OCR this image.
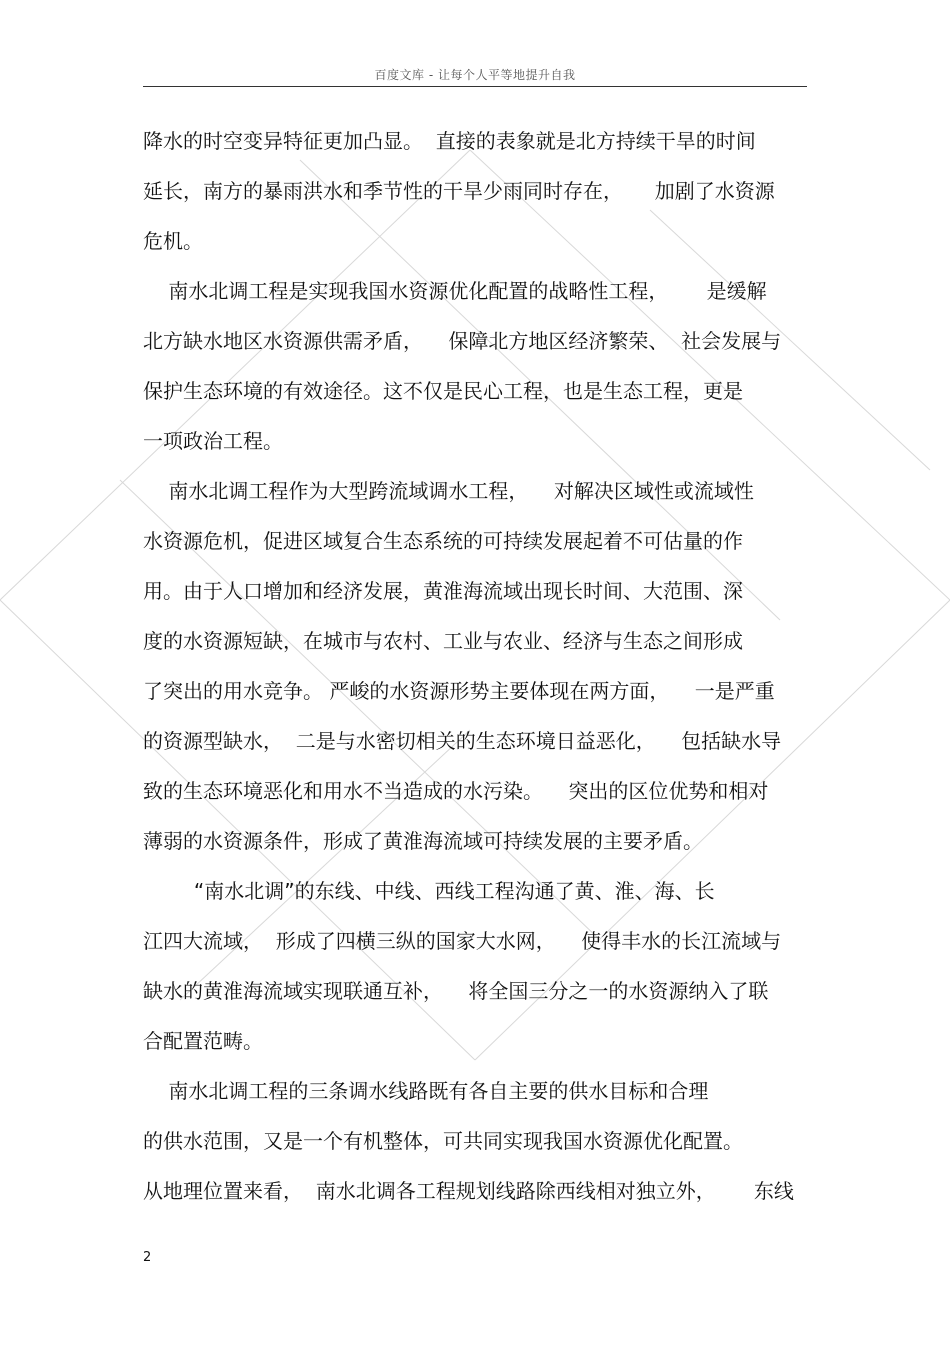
百度文库 - 让每个人平等地提升自我
降水的时空变异特征更加凸显。  直接的表象就是北方持续干旱的时间
延长，南方的暴雨洪水和季节性的干旱少雨同时存在，     加剧了水资源
危机。
南水北调工程是实现我国水资源优化配置的战略性工程，      是缓解
北方缺水地区水资源供需矛盾，    保障北方地区经济繁荣、  社会发展与
保护生态环境的有效途径。这不仅是民心工程，也是生态工程，更是
一项政治工程。
南水北调工程作为大型跨流域调水工程，    对解决区域性或流域性
水资源危机，促进区域复合生态系统的可持续发展起着不可估量的作
用。由于人口增加和经济发展，黄淮海流域出现长时间、大范围、深
度的水资源短缺，在城市与农村、工业与农业、经济与生态之间形成
了突出的用水竞争。 严峻的水资源形势主要体现在两方面，    一是严重
的资源型缺水，  二是与水密切相关的生态环境日益恶化，    包括缺水导
致的生态环境恶化和用水不当造成的水污染。    突出的区位优势和相对
薄弱的水资源条件，形成了黄淮海流域可持续发展的主要矛盾。
“南水北调”的东线、中线、西线工程沟通了黄、淮、海、长
江四大流域，  形成了四横三纵的国家大水网，    使得丰水的长江流域与
缺水的黄淮海流域实现联通互补，    将全国三分之一的水资源纳入了联
合配置范畴。
南水北调工程的三条调水线路既有各自主要的供水目标和合理
的供水范围，又是一个有机整体，可共同实现我国水资源优化配置。
从地理位置来看，  南水北调各工程规划线路除西线相对独立外，      东线
2
